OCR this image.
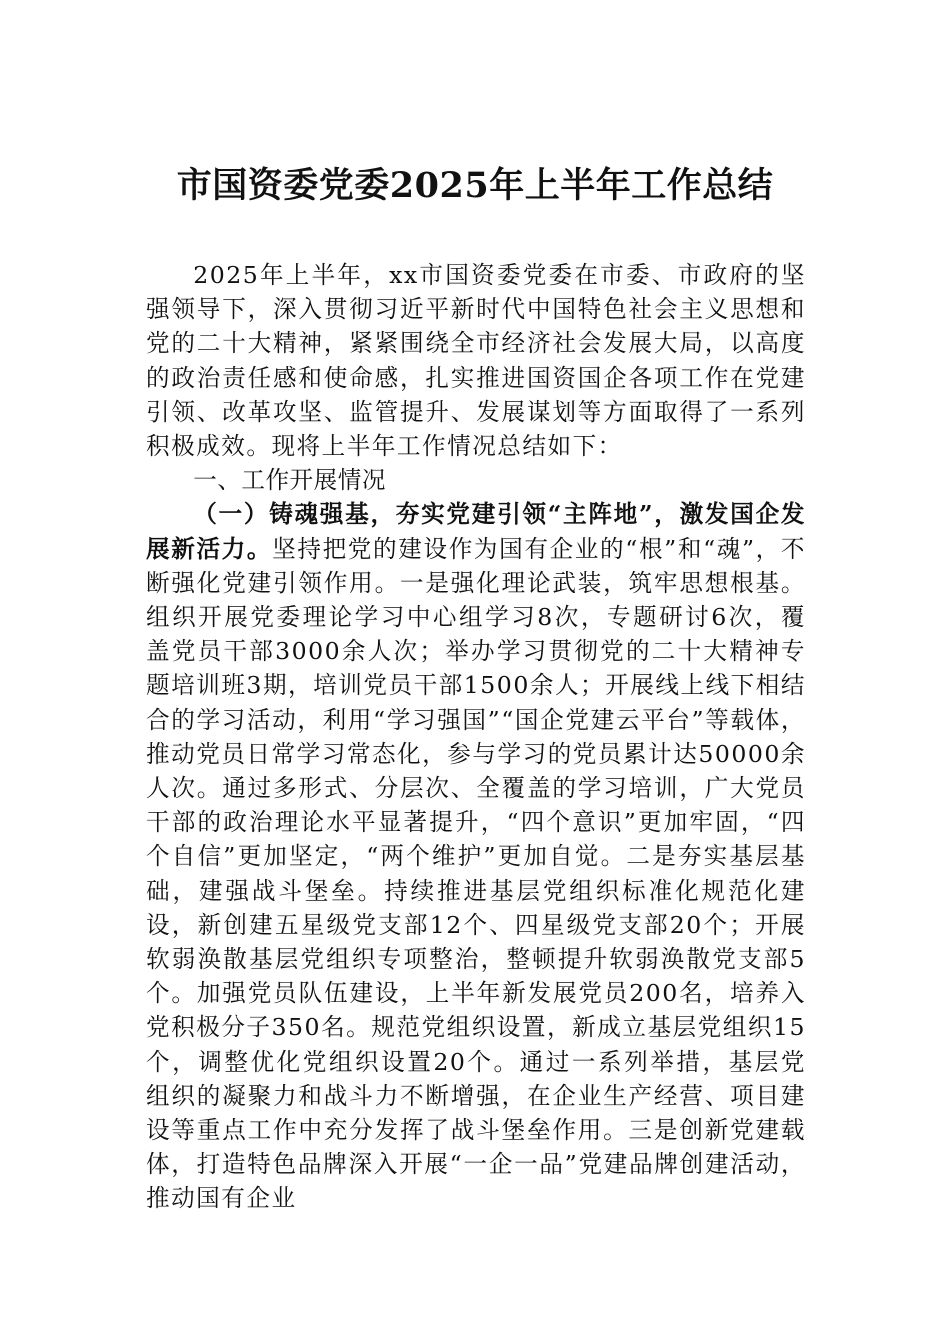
市国资委党委2025年上半年工作总结

2025年上半年，xx市国资委党委在市委、市政府的坚强领导下，深入贯彻习近平新时代中国特色社会主义思想和党的二十大精神，紧紧围绕全市经济社会发展大局，以高度的政治责任感和使命感，扎实推进国资国企各项工作在党建引领、改革攻坚、监管提升、发展谋划等方面取得了一系列积极成效。现将上半年工作情况总结如下：

一、工作开展情况

（一）铸魂强基，夯实党建引领“主阵地”，激发国企发展新活力。坚持把党的建设作为国有企业的“根”和“魂”，不断强化党建引领作用。一是强化理论武装，筑牢思想根基。组织开展党委理论学习中心组学习8次，专题研讨6次，覆盖党员干部3000余人次；举办学习贯彻党的二十大精神专题培训班3期，培训党员干部1500余人；开展线上线下相结合的学习活动，利用“学习强国”“国企党建云平台”等载体，推动党员日常学习常态化，参与学习的党员累计达50000余人次。通过多形式、分层次、全覆盖的学习培训，广大党员干部的政治理论水平显著提升，“四个意识”更加牢固，“四个自信”更加坚定，“两个维护”更加自觉。二是夯实基层基础，建强战斗堡垒。持续推进基层党组织标准化规范化建设，新创建五星级党支部12个、四星级党支部20个；开展软弱涣散基层党组织专项整治，整顿提升软弱涣散党支部5个。加强党员队伍建设，上半年新发展党员200名，培养入党积极分子350名。规范党组织设置，新成立基层党组织15个，调整优化党组织设置20个。通过一系列举措，基层党组织的凝聚力和战斗力不断增强，在企业生产经营、项目建设等重点工作中充分发挥了战斗堡垒作用。三是创新党建载体，打造特色品牌深入开展“一企一品”党建品牌创建活动，推动国有企业
